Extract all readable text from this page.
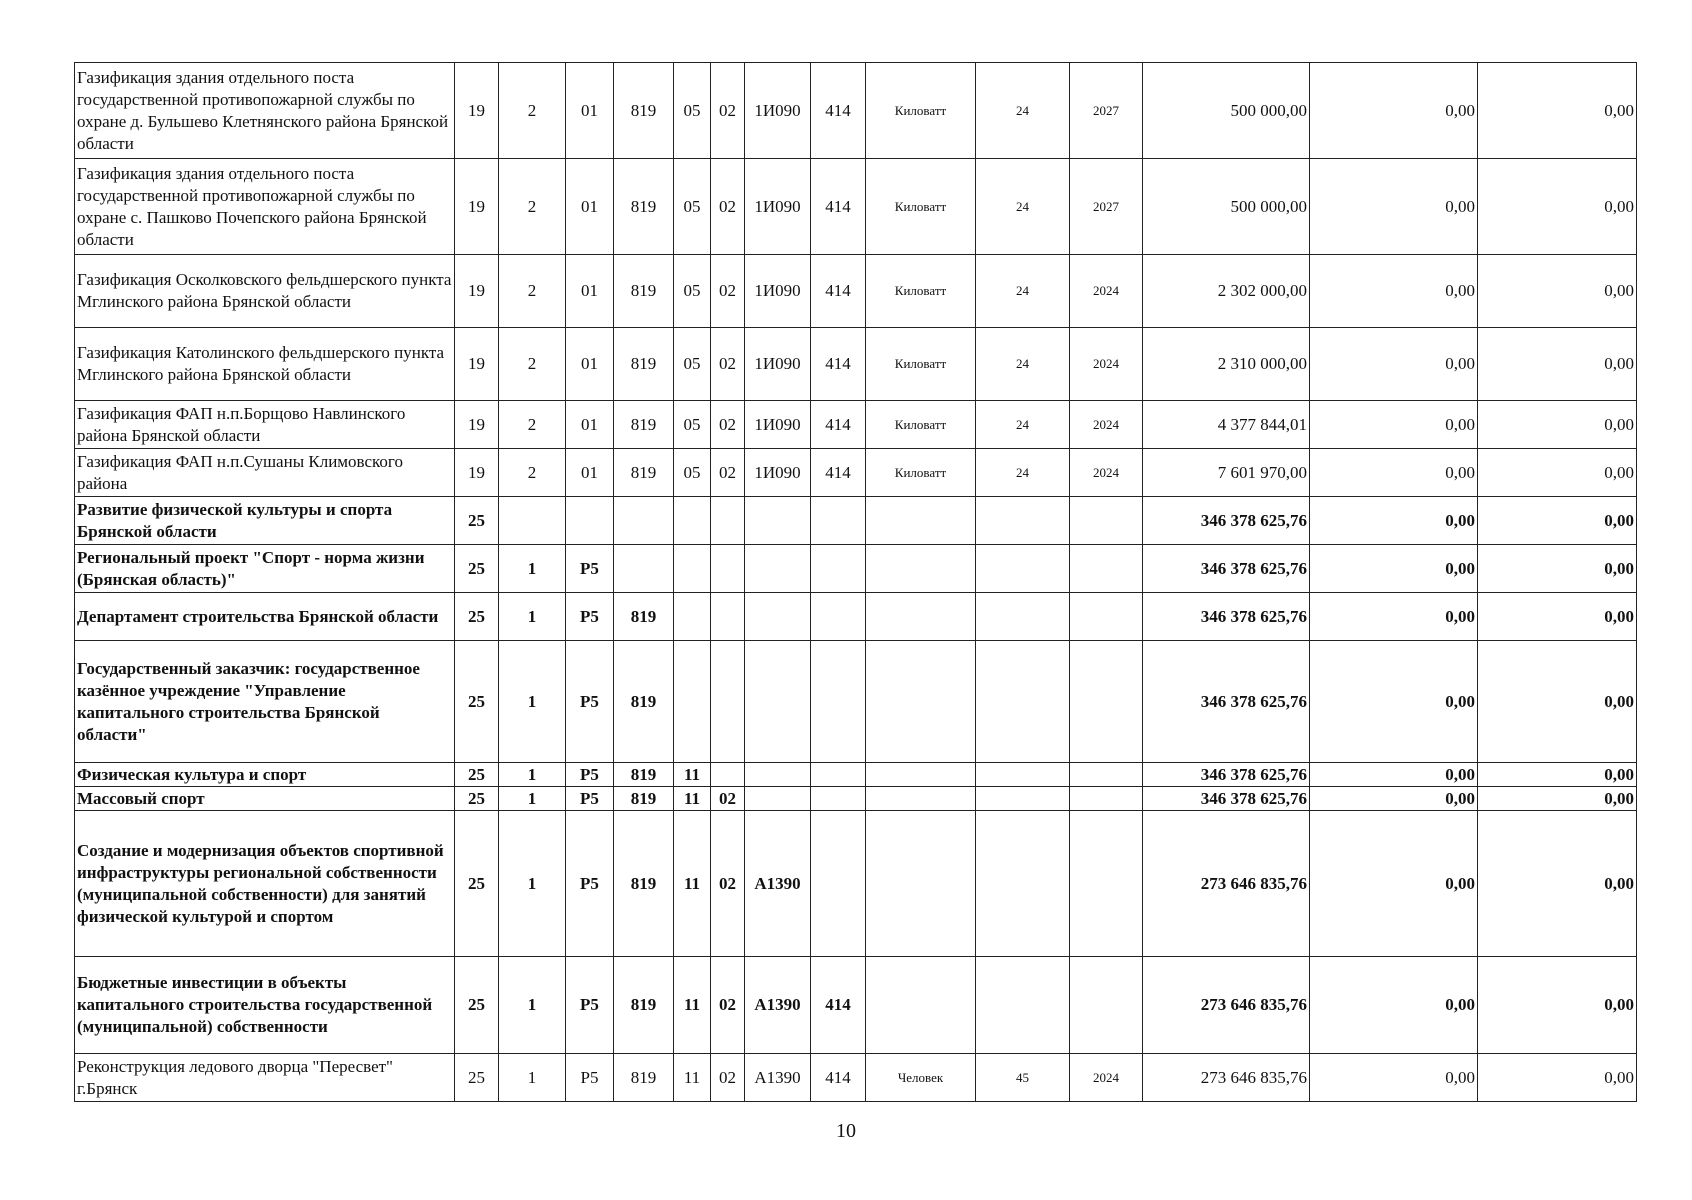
Газификация здания отдельного поста государственной противопожарной службы по охране д. Бульшево Клетнянского района Брянской области	19	2	01	819	05	02	1И090	414	Киловатт	24	2027	500 000,00	0,00	0,00
Газификация здания отдельного поста государственной противопожарной службы по охране с. Пашково Почепского района Брянской области	19	2	01	819	05	02	1И090	414	Киловатт	24	2027	500 000,00	0,00	0,00
Газификация Осколковского фельдшерского пункта Мглинского района Брянской области	19	2	01	819	05	02	1И090	414	Киловатт	24	2024	2 302 000,00	0,00	0,00
Газификация Католинского фельдшерского пункта Мглинского района Брянской области	19	2	01	819	05	02	1И090	414	Киловатт	24	2024	2 310 000,00	0,00	0,00
Газификация ФАП н.п.Борщово Навлинского района Брянской области	19	2	01	819	05	02	1И090	414	Киловатт	24	2024	4 377 844,01	0,00	0,00
Газификация ФАП н.п.Сушаны Климовского района	19	2	01	819	05	02	1И090	414	Киловатт	24	2024	7 601 970,00	0,00	0,00
Развитие физической культуры и спорта Брянской области	25											346 378 625,76	0,00	0,00
Региональный проект "Спорт - норма жизни (Брянская область)"	25	1	Р5									346 378 625,76	0,00	0,00
Департамент строительства Брянской области	25	1	Р5	819								346 378 625,76	0,00	0,00
Государственный заказчик: государственное казённое учреждение "Управление капитального строительства Брянской области"	25	1	Р5	819								346 378 625,76	0,00	0,00
Физическая культура и спорт	25	1	Р5	819	11							346 378 625,76	0,00	0,00
Массовый спорт	25	1	Р5	819	11	02						346 378 625,76	0,00	0,00
Создание и модернизация объектов спортивной инфраструктуры региональной собственности (муниципальной собственности) для занятий физической культурой и спортом	25	1	Р5	819	11	02	А1390					273 646 835,76	0,00	0,00
Бюджетные инвестиции в объекты капитального строительства государственной (муниципальной) собственности	25	1	Р5	819	11	02	А1390	414				273 646 835,76	0,00	0,00
Реконструкция ледового дворца "Пересвет" г.Брянск	25	1	Р5	819	11	02	А1390	414	Человек	45	2024	273 646 835,76	0,00	0,00
10
